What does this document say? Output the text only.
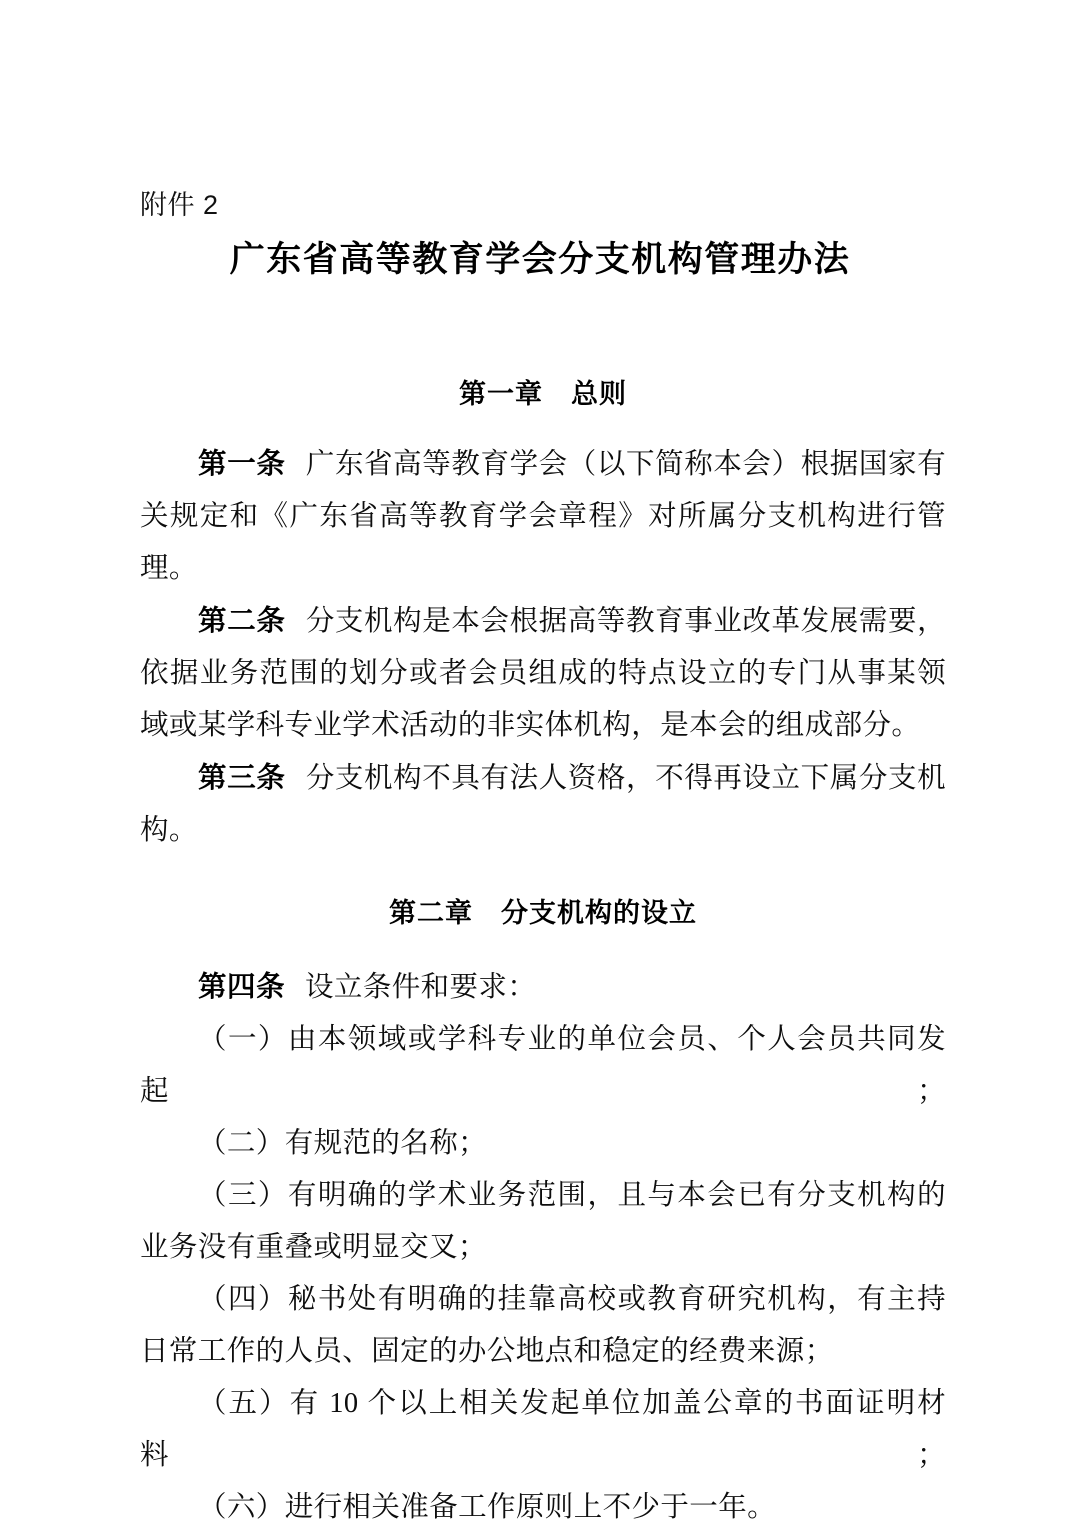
附件 2
广东省高等教育学会分支机构管理办法
第一章　总则

第一条 广东省高等教育学会（以下简称本会）根据国家有关规定和《广东省高等教育学会章程》对所属分支机构进行管理。

第二条 分支机构是本会根据高等教育事业改革发展需要，依据业务范围的划分或者会员组成的特点设立的专门从事某领域或某学科专业学术活动的非实体机构，是本会的组成部分。

第三条 分支机构不具有法人资格，不得再设立下属分支机构。

第二章　分支机构的设立

第四条 设立条件和要求：

（一）由本领域或学科专业的单位会员、个人会员共同发起；

（二）有规范的名称；

（三）有明确的学术业务范围，且与本会已有分支机构的业务没有重叠或明显交叉；

（四）秘书处有明确的挂靠高校或教育研究机构，有主持日常工作的人员、固定的办公地点和稳定的经费来源；

（五）有 10 个以上相关发起单位加盖公章的书面证明材料；

（六）进行相关准备工作原则上不少于一年。
